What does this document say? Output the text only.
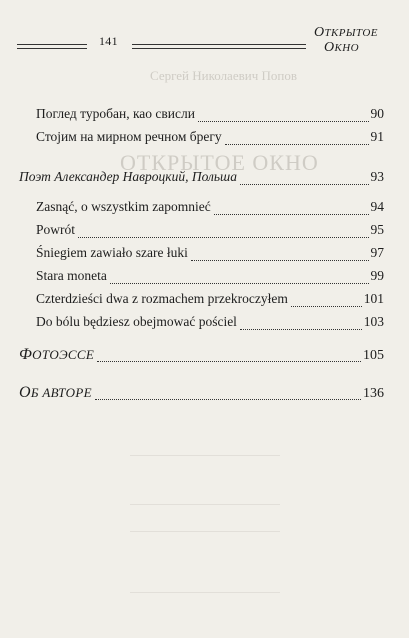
Сергей Николаевич Попов
ОТКРЫТОЕ ОКНО
141
ОТКРЫТОЕ
ОКНО
Поглед туробан, као свисли	90
Стојим на мирном речном брегу	91
Поэт Александер Навроцкий, Польша	93
Zasnąć, o wszystkim zapomnieć	94
Powrót	95
Śniegiem zawiało szare łuki	97
Stara moneta	99
Czterdzieści dwa z rozmachem przekroczyłem	101
Do bólu będziesz obejmować pościel	103
ФОТОЭССЕ	105
ОБ АВТОРЕ	136
